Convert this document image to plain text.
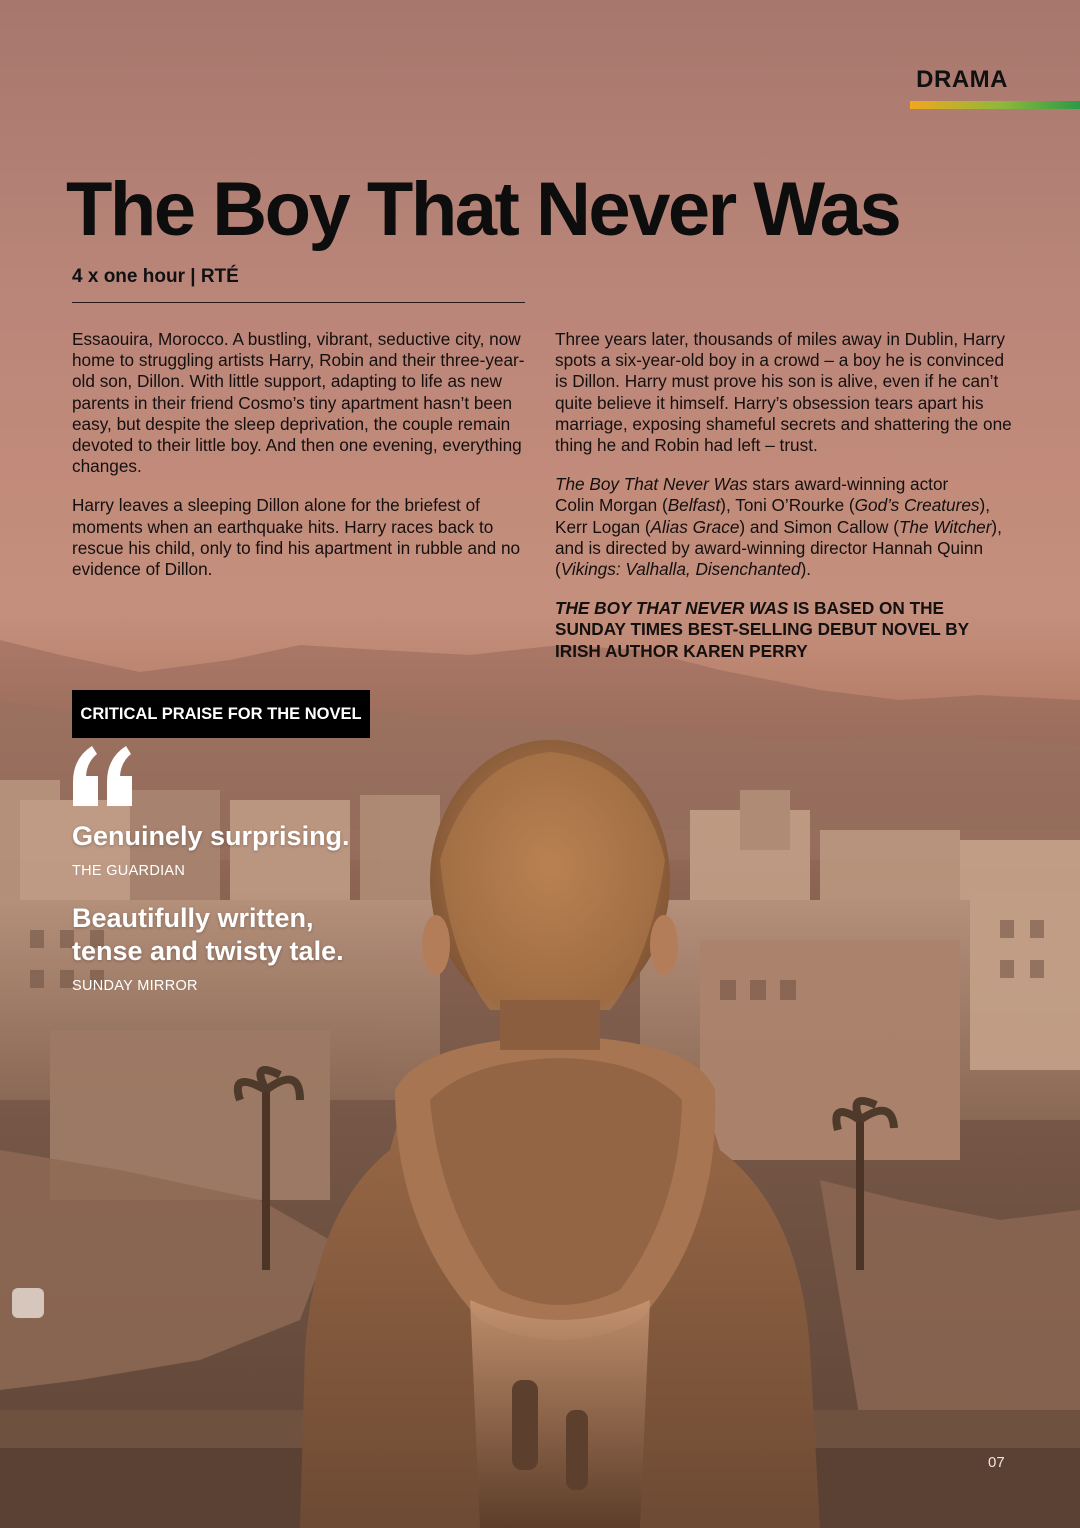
DRAMA
The Boy That Never Was
4 x one hour | RTÉ

Essaouira, Morocco. A bustling, vibrant, seductive city, now home to struggling artists Harry, Robin and their three-year-old son, Dillon. With little support, adapting to life as new parents in their friend Cosmo’s tiny apartment hasn’t been easy, but despite the sleep deprivation, the couple remain devoted to their little boy. And then one evening, everything changes.

Harry leaves a sleeping Dillon alone for the briefest of moments when an earthquake hits. Harry races back to rescue his child, only to find his apartment in rubble and no evidence of Dillon.

Three years later, thousands of miles away in Dublin, Harry spots a six-year-old boy in a crowd – a boy he is convinced is Dillon. Harry must prove his son is alive, even if he can’t quite believe it himself. Harry’s obsession tears apart his marriage, exposing shameful secrets and shattering the one thing he and Robin had left – trust.

The Boy That Never Was stars award-winning actor
Colin Morgan (Belfast), Toni O’Rourke (God’s Creatures), Kerr Logan (Alias Grace) and Simon Callow (The Witcher), and is directed by award-winning director Hannah Quinn (Vikings: Valhalla, Disenchanted).

THE BOY THAT NEVER WAS IS BASED ON THE SUNDAY TIMES BEST-SELLING DEBUT NOVEL BY IRISH AUTHOR KAREN PERRY

CRITICAL PRAISE FOR THE NOVEL
Genuinely surprising.
THE GUARDIAN
Beautifully written,
tense and twisty tale.
SUNDAY MIRROR
07
